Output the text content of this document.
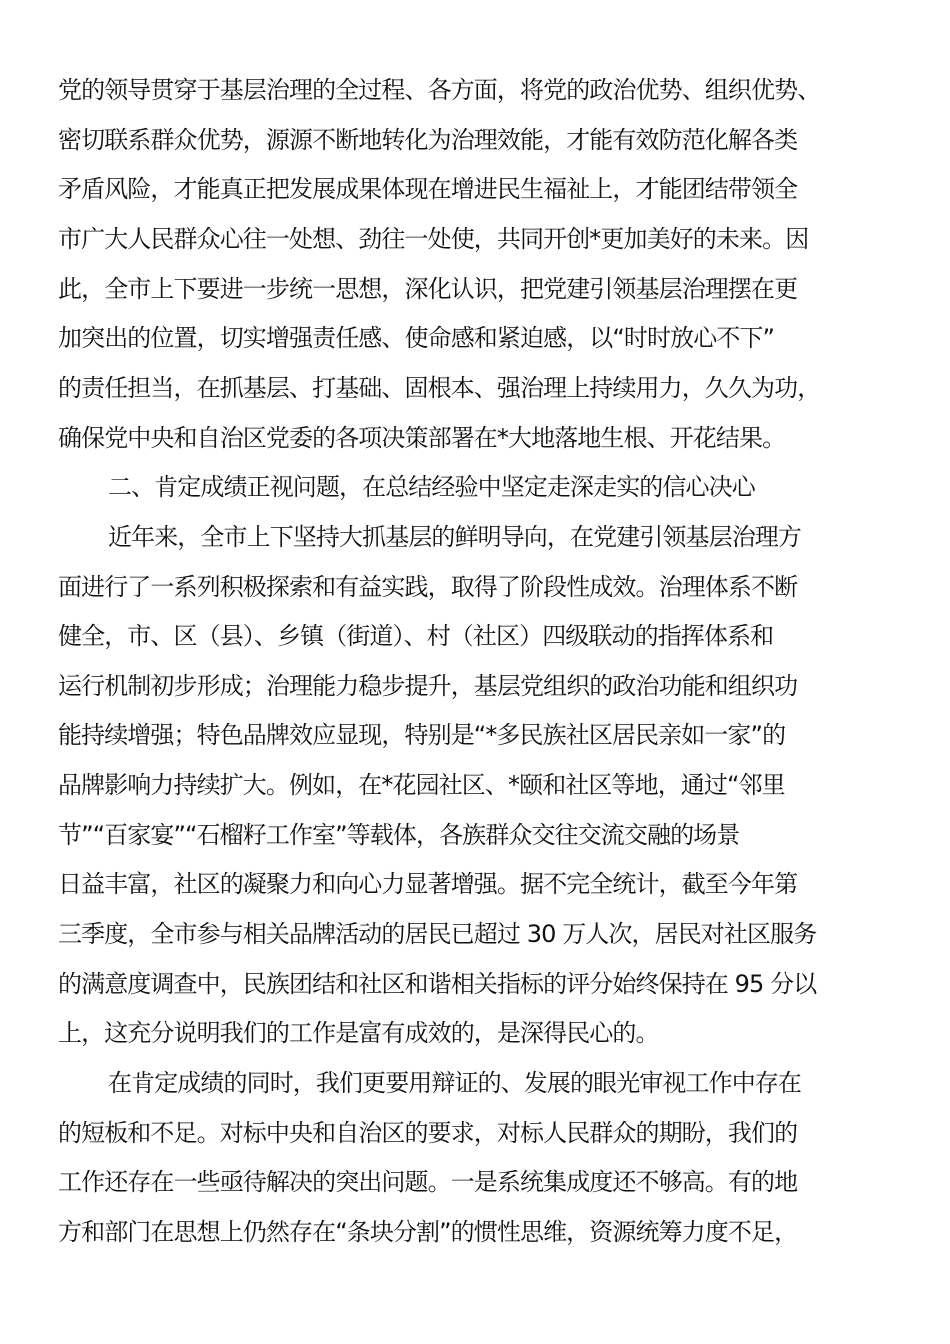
党的领导贯穿于基层治理的全过程、各方面，将党的政治优势、组织优势、
密切联系群众优势，源源不断地转化为治理效能，才能有效防范化解各类
矛盾风险，才能真正把发展成果体现在增进民生福祉上，才能团结带领全
市广大人民群众心往一处想、劲往一处使，共同开创*更加美好的未来。因
此，全市上下要进一步统一思想，深化认识，把党建引领基层治理摆在更
加突出的位置，切实增强责任感、使命感和紧迫感，以“时时放心不下”
的责任担当，在抓基层、打基础、固根本、强治理上持续用力，久久为功，
确保党中央和自治区党委的各项决策部署在*大地落地生根、开花结果。
二、肯定成绩正视问题，在总结经验中坚定走深走实的信心决心
近年来，全市上下坚持大抓基层的鲜明导向，在党建引领基层治理方
面进行了一系列积极探索和有益实践，取得了阶段性成效。治理体系不断
健全，市、区（县）、乡镇（街道）、村（社区）四级联动的指挥体系和
运行机制初步形成；治理能力稳步提升，基层党组织的政治功能和组织功
能持续增强；特色品牌效应显现，特别是“*多民族社区居民亲如一家”的
品牌影响力持续扩大。例如，在*花园社区、*颐和社区等地，通过“邻里
节”“百家宴”“石榴籽工作室”等载体，各族群众交往交流交融的场景
日益丰富，社区的凝聚力和向心力显著增强。据不完全统计，截至今年第
三季度，全市参与相关品牌活动的居民已超过 30 万人次，居民对社区服务
的满意度调查中，民族团结和社区和谐相关指标的评分始终保持在 95 分以
上，这充分说明我们的工作是富有成效的，是深得民心的。
在肯定成绩的同时，我们更要用辩证的、发展的眼光审视工作中存在
的短板和不足。对标中央和自治区的要求，对标人民群众的期盼，我们的
工作还存在一些亟待解决的突出问题。一是系统集成度还不够高。有的地
方和部门在思想上仍然存在“条块分割”的惯性思维，资源统筹力度不足，
